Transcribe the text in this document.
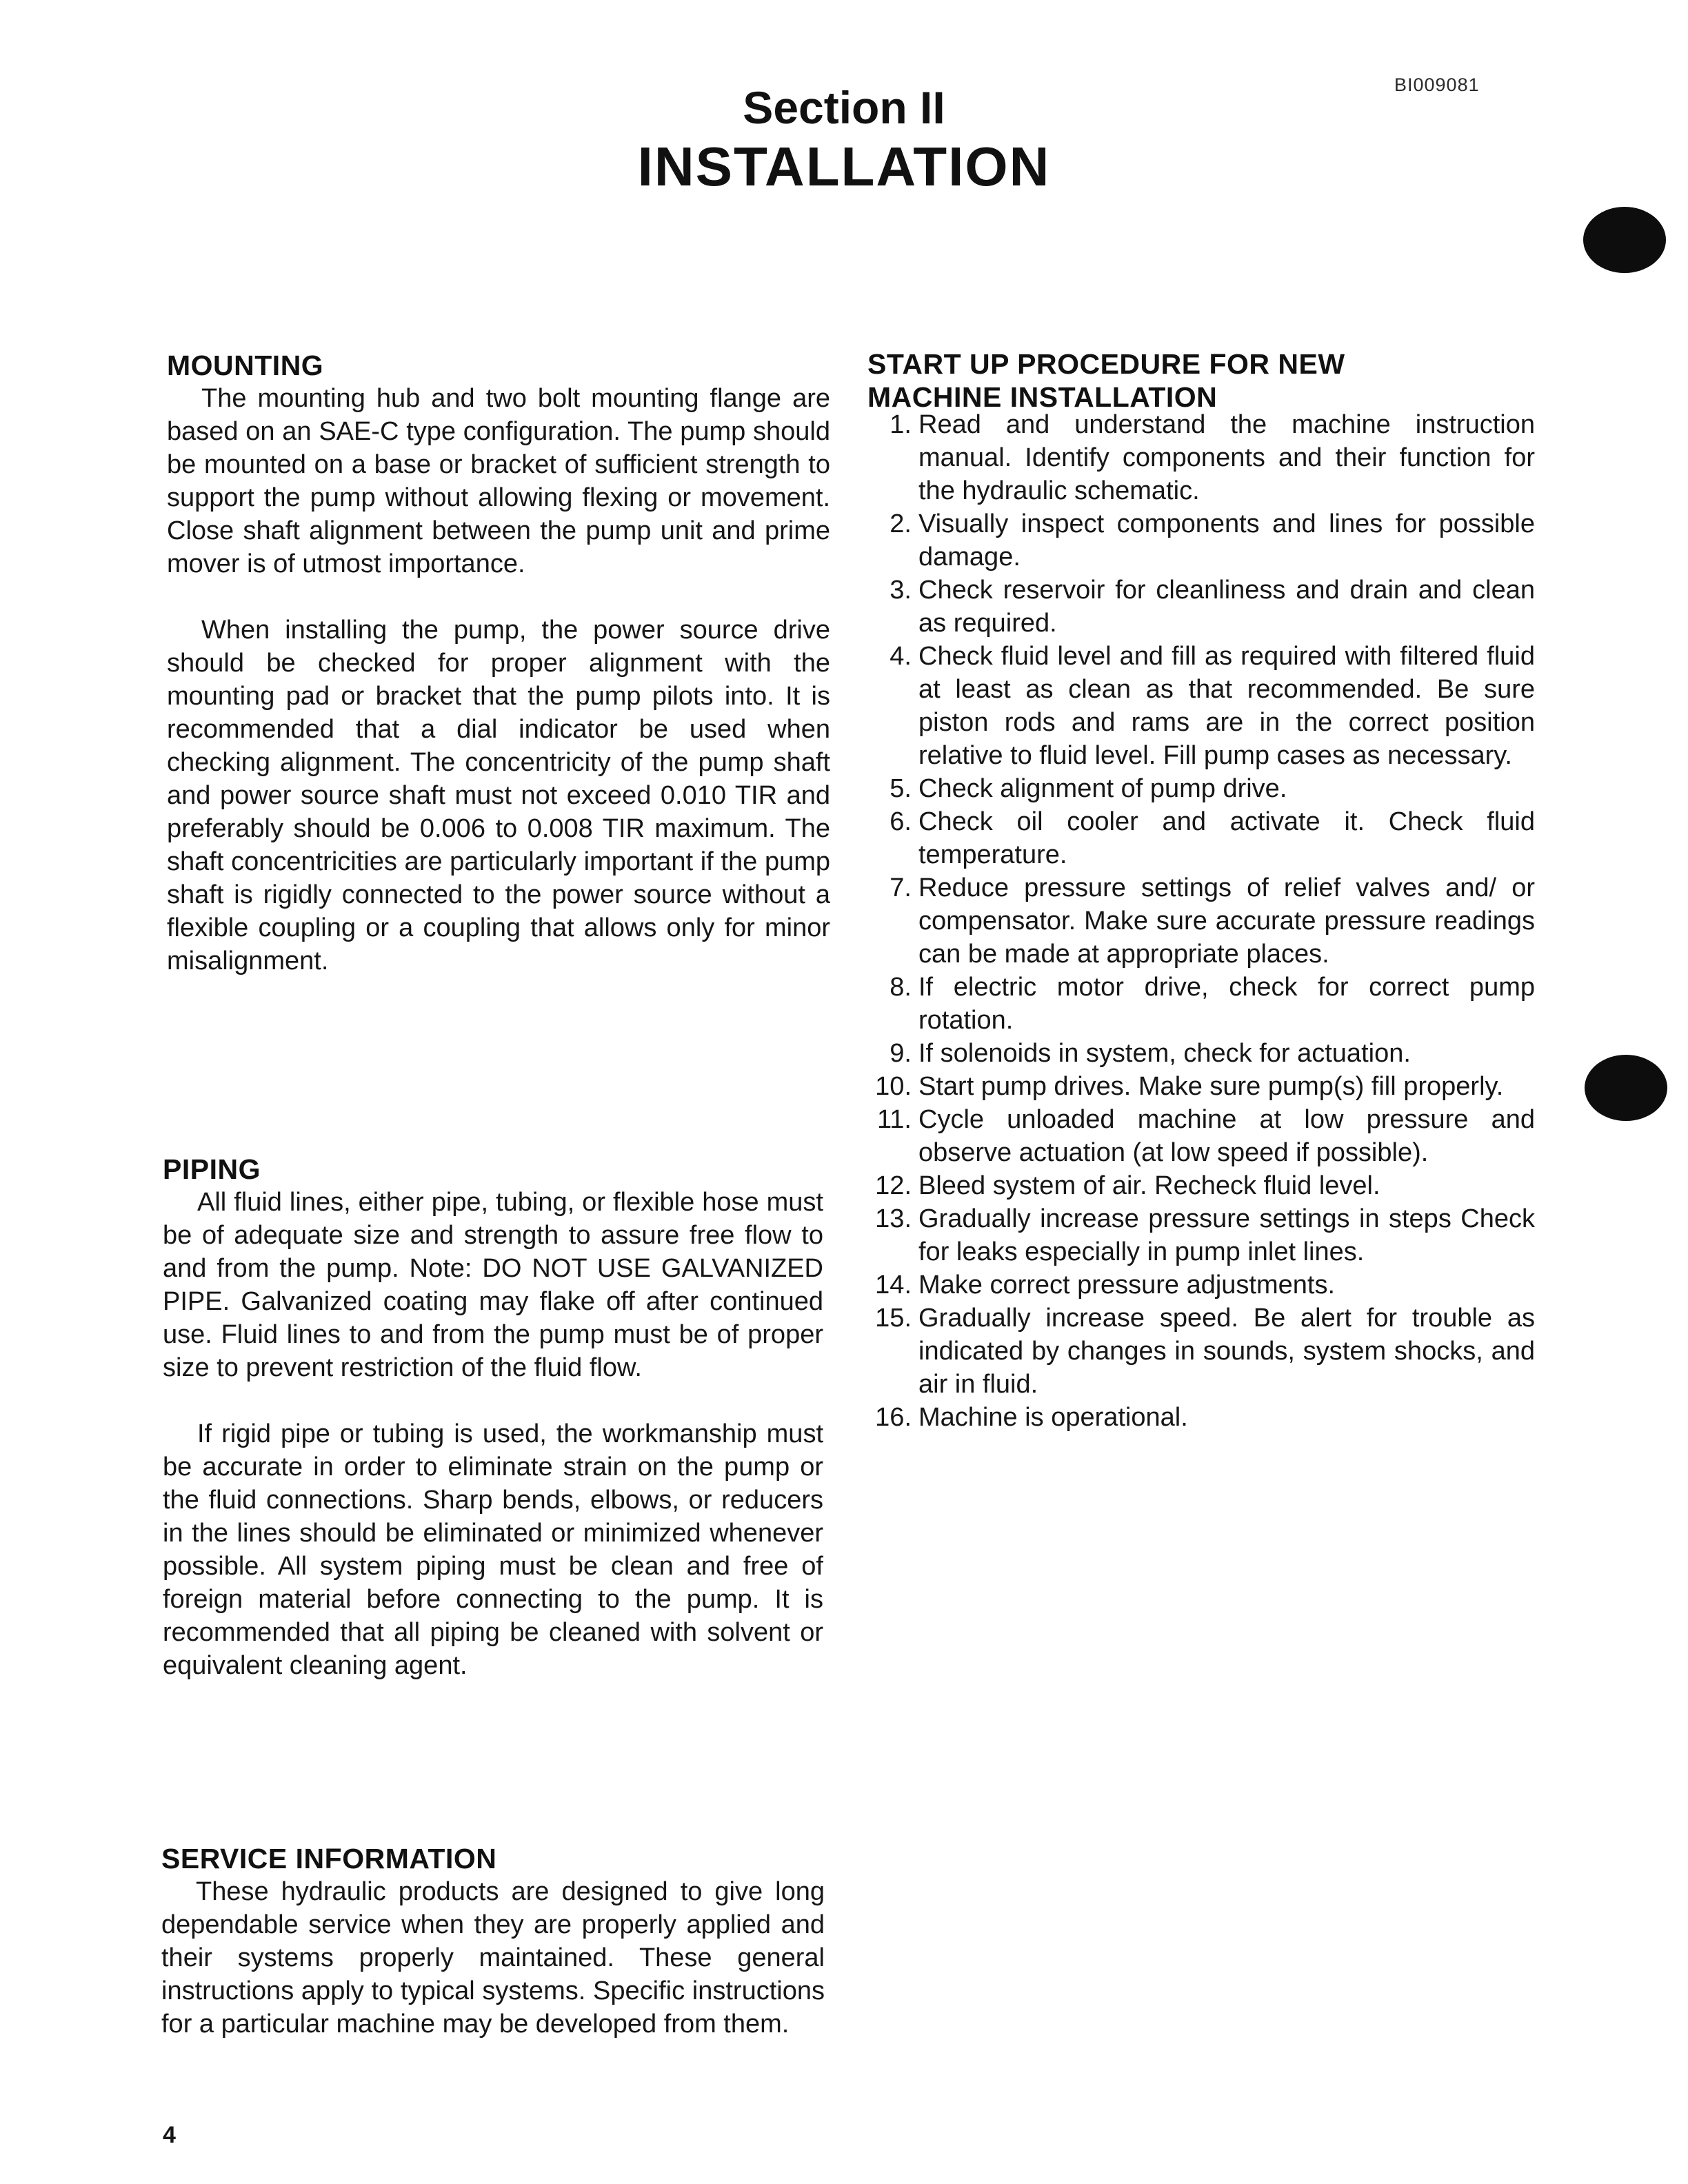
BI009081
Section II
INSTALLATION
MOUNTING

The mounting hub and two bolt mounting flange are based on an SAE-C type configuration. The pump should be mounted on a base or bracket of sufficient strength to support the pump without allowing flexing or movement. Close shaft alignment between the pump unit and prime mover is of utmost importance.

When installing the pump, the power source drive should be checked for proper alignment with the mounting pad or bracket that the pump pilots into. It is recommended that a dial indicator be used when checking alignment. The concentricity of the pump shaft and power source shaft must not exceed 0.010 TIR and preferably should be 0.006 to 0.008 TIR maximum. The shaft concentricities are particularly important if the pump shaft is rigidly connected to the power source without a flexible coupling or a coupling that allows only for minor misalignment.

PIPING

All fluid lines, either pipe, tubing, or flexible hose must be of adequate size and strength to assure free flow to and from the pump. Note: DO NOT USE GALVANIZED PIPE. Galvanized coating may flake off after continued use. Fluid lines to and from the pump must be of proper size to prevent restriction of the fluid flow.

If rigid pipe or tubing is used, the workmanship must be accurate in order to eliminate strain on the pump or the fluid connections. Sharp bends, elbows, or reducers in the lines should be eliminated or minimized whenever possible. All system piping must be clean and free of foreign material before connecting to the pump. It is recommended that all piping be cleaned with solvent or equivalent cleaning agent.

SERVICE INFORMATION

These hydraulic products are designed to give long dependable service when they are properly applied and their systems properly maintained. These general instructions apply to typical systems. Specific instructions for a particular machine may be developed from them.

START UP PROCEDURE FOR NEW
MACHINE INSTALLATION
1. Read and understand the machine instruction manual. Identify components and their function for the hydraulic schematic.
2. Visually inspect components and lines for possible damage.
3. Check reservoir for cleanliness and drain and clean as required.
4. Check fluid level and fill as required with filtered fluid at least as clean as that recommended. Be sure piston rods and rams are in the correct position relative to fluid level. Fill pump cases as necessary.
5. Check alignment of pump drive.
6. Check oil cooler and activate it. Check fluid temperature.
7. Reduce pressure settings of relief valves and/ or compensator. Make sure accurate pressure readings can be made at appropriate places.
8. If electric motor drive, check for correct pump rotation.
9. If solenoids in system, check for actuation.
10. Start pump drives. Make sure pump(s) fill properly.
11. Cycle unloaded machine at low pressure and observe actuation (at low speed if possible).
12. Bleed system of air. Recheck fluid level.
13. Gradually increase pressure settings in steps Check for leaks especially in pump inlet lines.
14. Make correct pressure adjustments.
15. Gradually increase speed. Be alert for trouble as indicated by changes in sounds, system shocks, and air in fluid.
16. Machine is operational.
4
